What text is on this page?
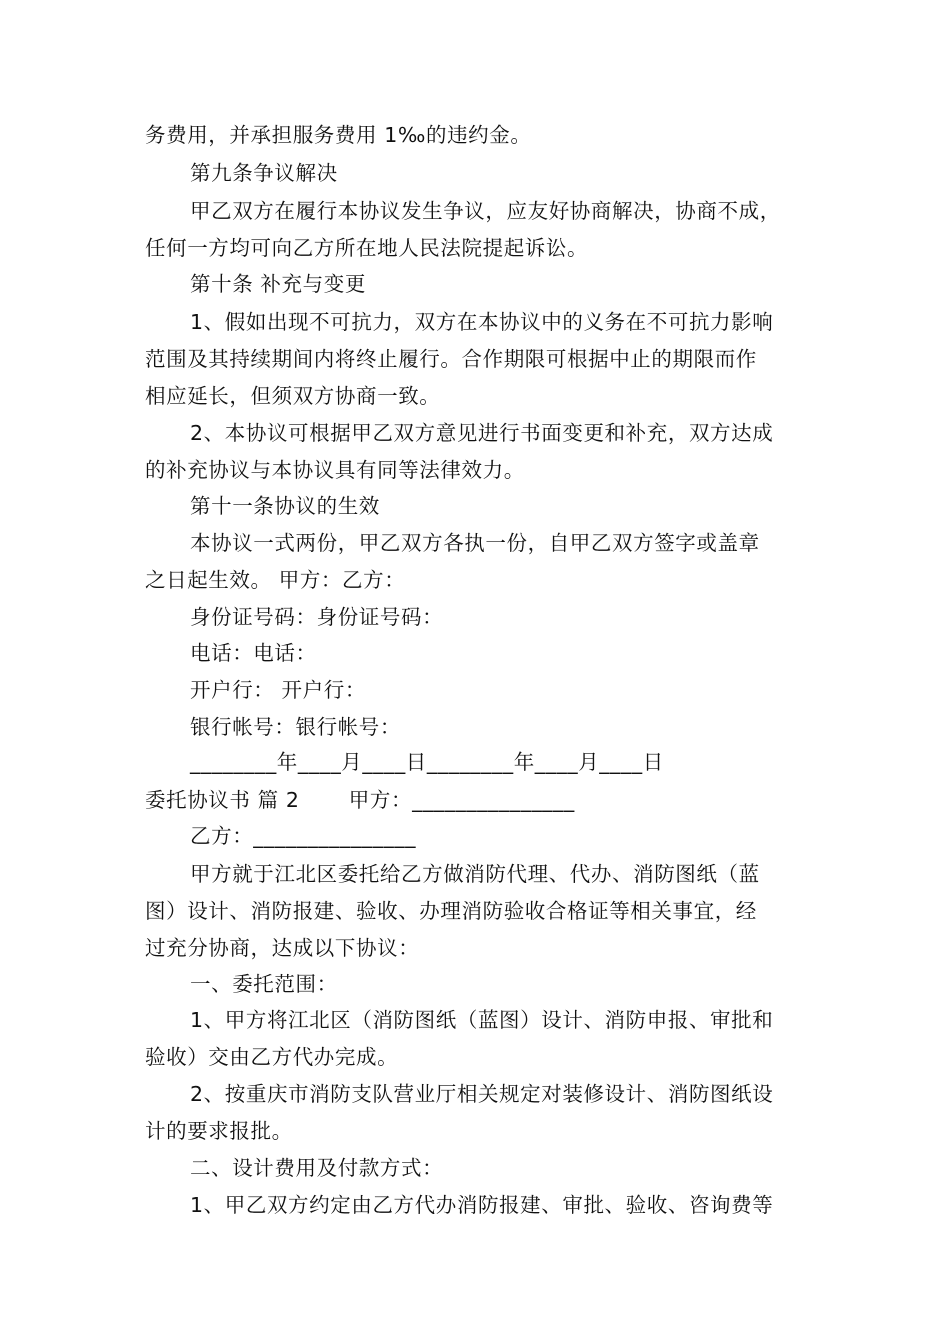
务费用，并承担服务费用 1‰的违约金。
第九条争议解决
甲乙双方在履行本协议发生争议，应友好协商解决，协商不成，
任何一方均可向乙方所在地人民法院提起诉讼。
第十条 补充与变更
1、假如出现不可抗力，双方在本协议中的义务在不可抗力影响
范围及其持续期间内将终止履行。合作期限可根据中止的期限而作
相应延长，但须双方协商一致。
2、本协议可根据甲乙双方意见进行书面变更和补充，双方达成
的补充协议与本协议具有同等法律效力。
第十一条协议的生效
本协议一式两份，甲乙双方各执一份，自甲乙双方签字或盖章
之日起生效。 甲方：乙方：
身份证号码：身份证号码：
电话：电话：
开户行： 开户行：
银行帐号：银行帐号：
________年____月____日________年____月____日
委托协议书 篇 2　　 甲方：_______________
乙方：_______________
甲方就于江北区委托给乙方做消防代理、代办、消防图纸（蓝
图）设计、消防报建、验收、办理消防验收合格证等相关事宜，经
过充分协商，达成以下协议：
一、委托范围：
1、甲方将江北区（消防图纸（蓝图）设计、消防申报、审批和
验收）交由乙方代办完成。
2、按重庆市消防支队营业厅相关规定对装修设计、消防图纸设
计的要求报批。
二、设计费用及付款方式：
1、甲乙双方约定由乙方代办消防报建、审批、验收、咨询费等
